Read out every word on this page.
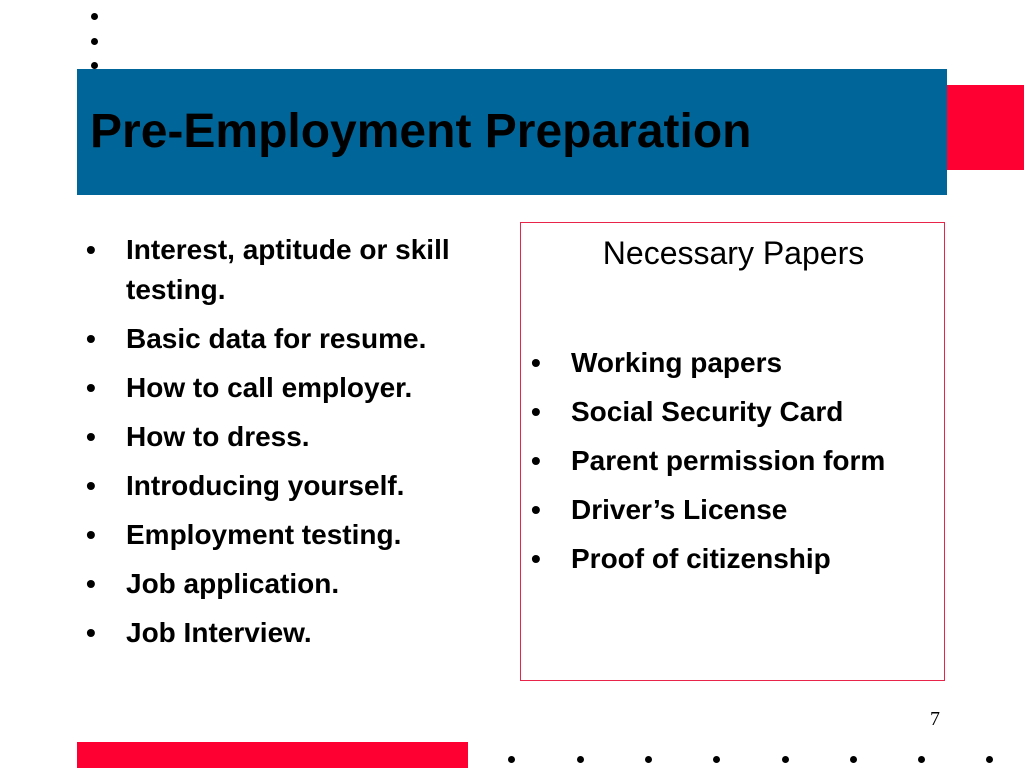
Pre-Employment Preparation
•	Interest, aptitude or skill testing.
•	Basic data for resume.
•	How to call employer.
•	How to dress.
•	Introducing yourself.
•	Employment testing.
•	Job application.
•	Job Interview.
Necessary Papers
•	Working papers
•	Social Security Card
•	Parent permission form
•	Driver’s License
•	Proof of citizenship
7
